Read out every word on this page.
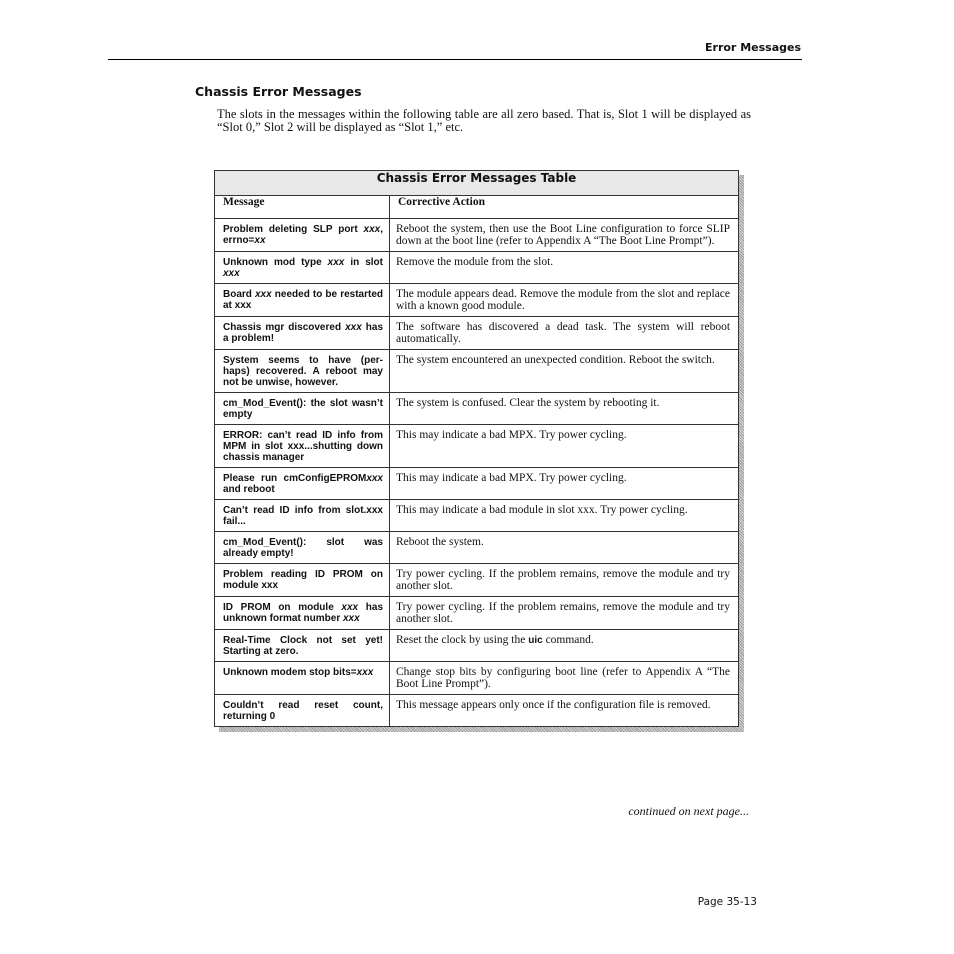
Error Messages
Chassis Error Messages
The slots in the messages within the following table are all zero based. That is, Slot 1 will be displayed as “Slot 0,” Slot 2 will be displayed as “Slot 1,” etc.
Chassis Error Messages Table	
Message	Corrective Action
Problem deleting SLP port xxx, errno=xx	Reboot the system, then use the Boot Line configuration to force SLIP down at the boot line (refer to Appendix A “The Boot Line Prompt”).
Unknown mod type xxx in slot xxx	Remove the module from the slot.
Board xxx needed to be restarted at xxx	The module appears dead. Remove the module from the slot and replace with a known good module.
Chassis mgr discovered xxx has a problem!	The software has discovered a dead task. The system will reboot automatically.
System seems to have (per- haps) recovered. A reboot may not be unwise, however.	The system encountered an unexpected condition. Reboot the switch.
cm_Mod_Event(): the slot wasn’t empty	The system is confused. Clear the system by rebooting it.
ERROR: can’t read ID info from MPM in slot xxx...shutting down chassis manager	This may indicate a bad MPX. Try power cycling.
Please run cmConfigEPROMxxx and reboot	This may indicate a bad MPX. Try power cycling.
Can’t read ID info from slot.xxx fail...	This may indicate a bad module in slot xxx. Try power cycling.
cm_Mod_Event(): slot was already empty!	Reboot the system.
Problem reading ID PROM on module xxx	Try power cycling. If the problem remains, remove the module and try another slot.
ID PROM on module xxx has unknown format number xxx	Try power cycling. If the problem remains, remove the module and try another slot.
Real-Time Clock not set yet! Starting at zero.	Reset the clock by using the uic command.
Unknown modem stop bits=xxx	Change stop bits by configuring boot line (refer to Appendix A “The Boot Line Prompt”).
Couldn’t read reset count, returning 0	This message appears only once if the configuration file is removed.
continued on next page...
Page 35-13
